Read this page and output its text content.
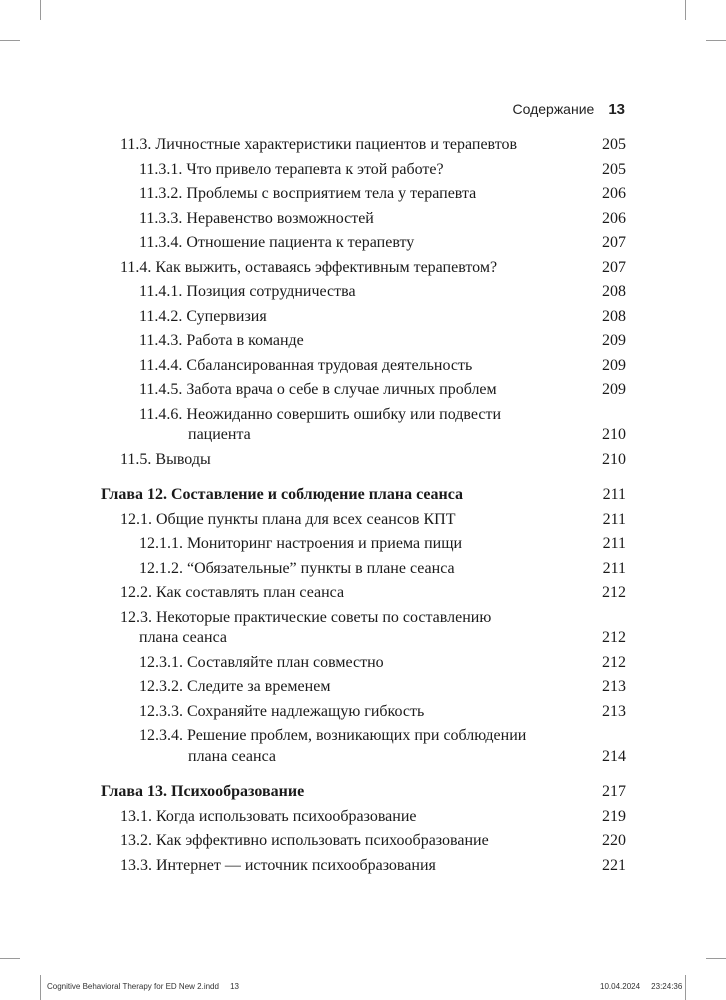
Содержание 13
11.3. Личностные характеристики пациентов и терапевтов	205
11.3.1. Что привело терапевта к этой работе?	205
11.3.2. Проблемы с восприятием тела у терапевта	206
11.3.3. Неравенство возможностей	206
11.3.4. Отношение пациента к терапевту	207
11.4. Как выжить, оставаясь эффективным терапевтом?	207
11.4.1. Позиция сотрудничества	208
11.4.2. Супервизия	208
11.4.3. Работа в команде	209
11.4.4. Сбалансированная трудовая деятельность	209
11.4.5. Забота врача о себе в случае личных проблем	209
11.4.6. Неожиданно совершить ошибку или подвести
пациента	210
11.5. Выводы	210
Глава 12. Составление и соблюдение плана сеанса	211
12.1. Общие пункты плана для всех сеансов КПТ	211
12.1.1. Мониторинг настроения и приема пищи	211
12.1.2. “Обязательные” пункты в плане сеанса	211
12.2. Как составлять план сеанса	212
12.3. Некоторые практические советы по составлению
плана сеанса	212
12.3.1. Составляйте план совместно	212
12.3.2. Следите за временем	213
12.3.3. Сохраняйте надлежащую гибкость	213
12.3.4. Решение проблем, возникающих при соблюдении
плана сеанса	214
Глава 13. Психообразование	217
13.1. Когда использовать психообразование	219
13.2. Как эффективно использовать психообразование	220
13.3. Интернет — источник психообразования	221
Cognitive Behavioral Therapy for ED New 2.indd 13	10.04.2024 23:24:36
